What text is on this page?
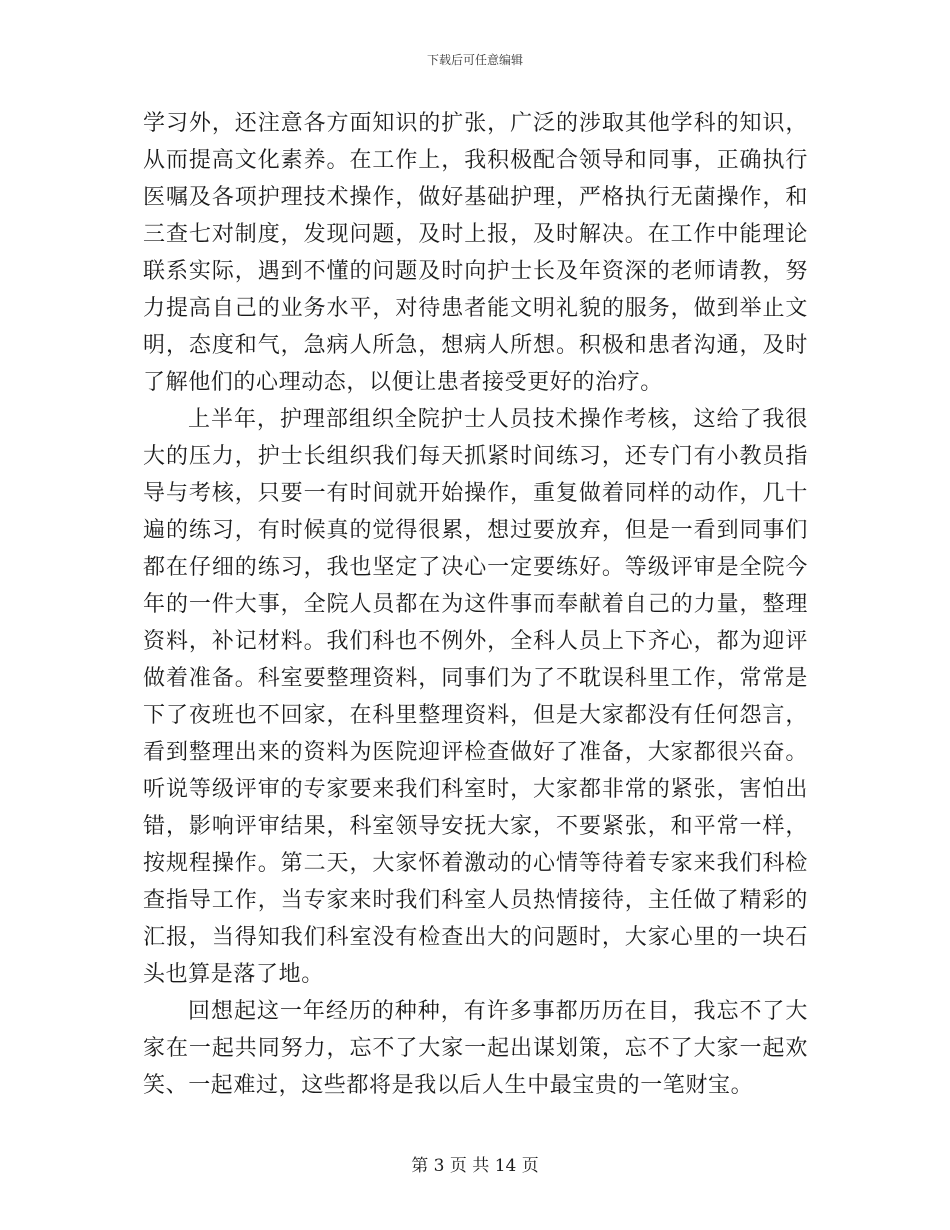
下载后可任意编辑

学习外，还注意各方面知识的扩张，广泛的涉取其他学科的知识，从而提高文化素养。在工作上，我积极配合领导和同事，正确执行医嘱及各项护理技术操作，做好基础护理，严格执行无菌操作，和三查七对制度，发现问题，及时上报，及时解决。在工作中能理论联系实际，遇到不懂的问题及时向护士长及年资深的老师请教，努力提高自己的业务水平，对待患者能文明礼貌的服务，做到举止文明，态度和气，急病人所急，想病人所想。积极和患者沟通，及时了解他们的心理动态，以便让患者接受更好的治疗。

上半年，护理部组织全院护士人员技术操作考核，这给了我很大的压力，护士长组织我们每天抓紧时间练习，还专门有小教员指导与考核，只要一有时间就开始操作，重复做着同样的动作，几十遍的练习，有时候真的觉得很累，想过要放弃，但是一看到同事们都在仔细的练习，我也坚定了决心一定要练好。等级评审是全院今年的一件大事，全院人员都在为这件事而奉献着自己的力量，整理资料，补记材料。我们科也不例外，全科人员上下齐心，都为迎评做着准备。科室要整理资料，同事们为了不耽误科里工作，常常是下了夜班也不回家，在科里整理资料，但是大家都没有任何怨言，看到整理出来的资料为医院迎评检查做好了准备，大家都很兴奋。听说等级评审的专家要来我们科室时，大家都非常的紧张，害怕出错，影响评审结果，科室领导安抚大家，不要紧张，和平常一样，按规程操作。第二天，大家怀着激动的心情等待着专家来我们科检查指导工作，当专家来时我们科室人员热情接待，主任做了精彩的汇报，当得知我们科室没有检查出大的问题时，大家心里的一块石头也算是落了地。

回想起这一年经历的种种，有许多事都历历在目，我忘不了大家在一起共同努力，忘不了大家一起出谋划策，忘不了大家一起欢笑、一起难过，这些都将是我以后人生中最宝贵的一笔财宝。

第 3 页 共 14 页
